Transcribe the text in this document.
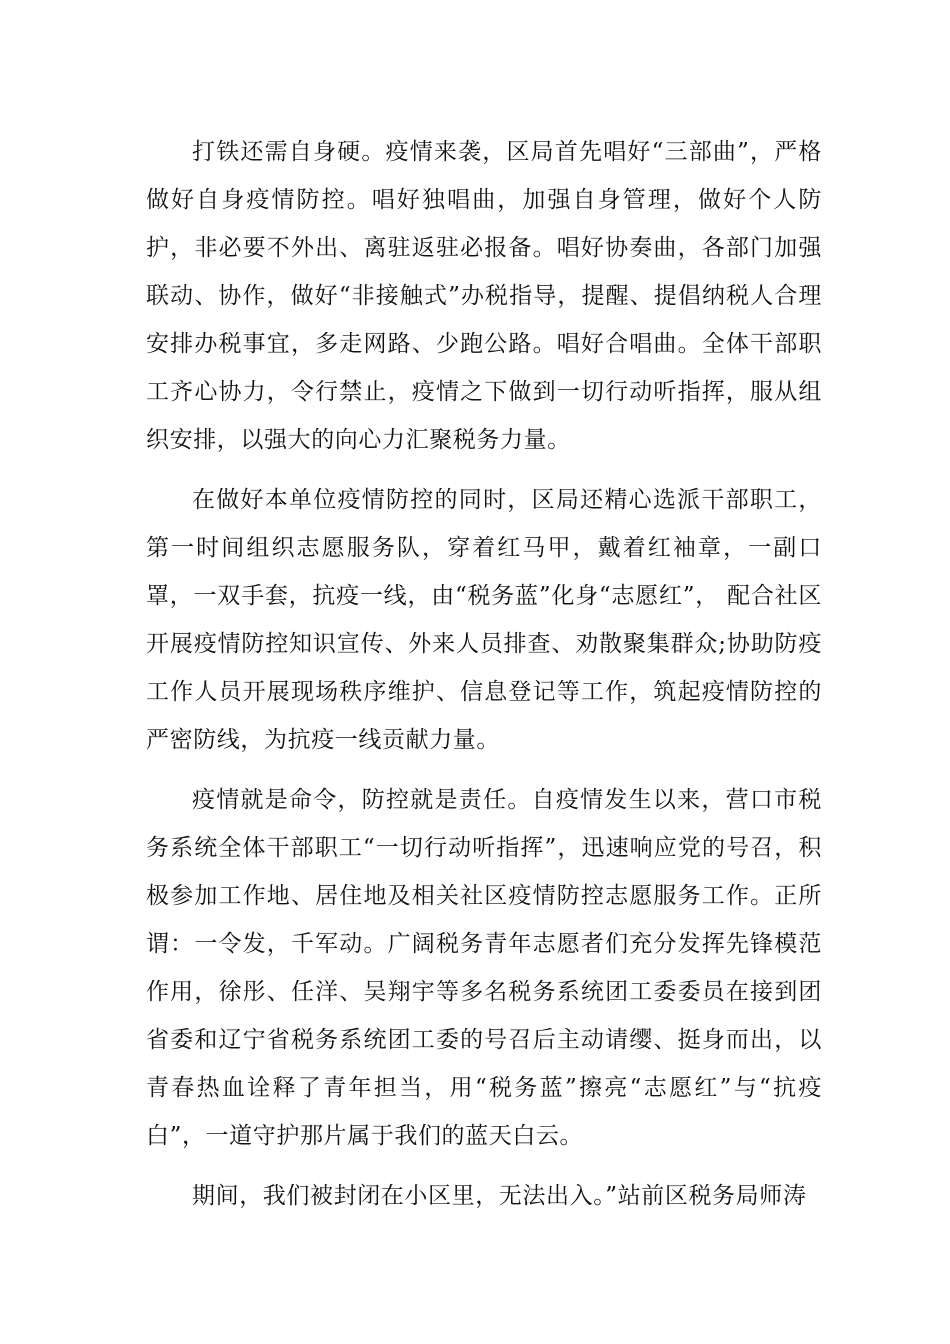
打铁还需自身硬。疫情来袭，区局首先唱好“三部曲”，严格做好自身疫情防控。唱好独唱曲，加强自身管理，做好个人防护，非必要不外出、离驻返驻必报备。唱好协奏曲，各部门加强联动、协作，做好“非接触式”办税指导，提醒、提倡纳税人合理安排办税事宜，多走网路、少跑公路。唱好合唱曲。全体干部职工齐心协力，令行禁止，疫情之下做到一切行动听指挥，服从组织安排，以强大的向心力汇聚税务力量。

在做好本单位疫情防控的同时，区局还精心选派干部职工，第一时间组织志愿服务队，穿着红马甲，戴着红袖章，一副口罩，一双手套，抗疫一线，由“税务蓝”化身“志愿红”， 配合社区开展疫情防控知识宣传、外来人员排查、劝散聚集群众;协助防疫工作人员开展现场秩序维护、信息登记等工作，筑起疫情防控的严密防线，为抗疫一线贡献力量。

疫情就是命令，防控就是责任。自疫情发生以来，营口市税务系统全体干部职工“一切行动听指挥”，迅速响应党的号召，积极参加工作地、居住地及相关社区疫情防控志愿服务工作。正所谓：一令发，千军动。广阔税务青年志愿者们充分发挥先锋模范作用，徐彤、任洋、吴翔宇等多名税务系统团工委委员在接到团省委和辽宁省税务系统团工委的号召后主动请缨、挺身而出，以青春热血诠释了青年担当，用“税务蓝”擦亮“志愿红”与“抗疫白”，一道守护那片属于我们的蓝天白云。

期间，我们被封闭在小区里，无法出入。”站前区税务局师涛
